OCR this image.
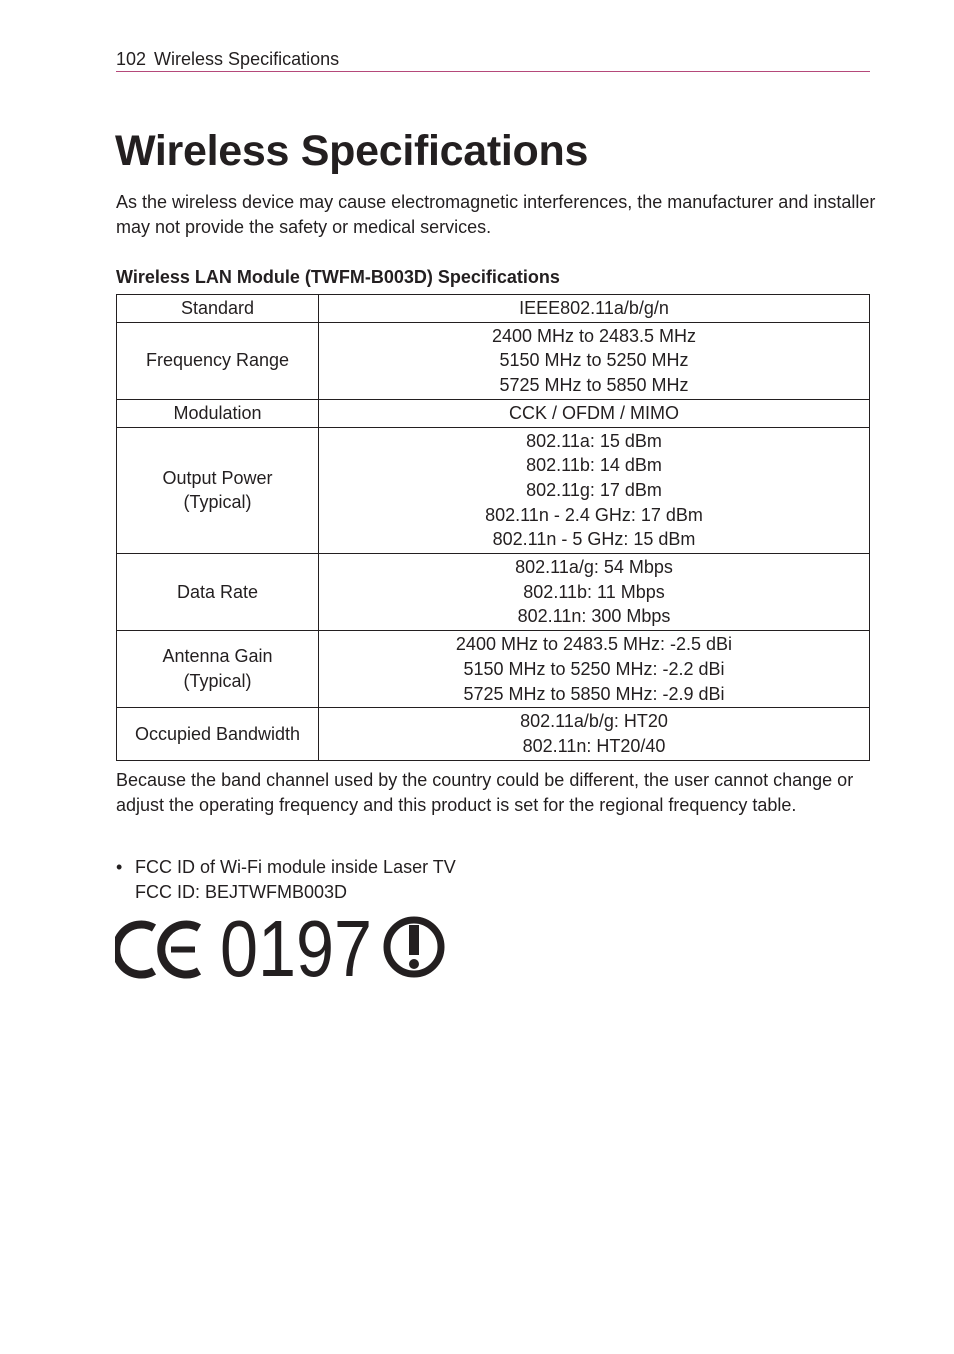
102 Wireless Specifications
Wireless Specifications

As the wireless device may cause electromagnetic interferences, the manufacturer and installer may not provide the safety or medical services.

Wireless LAN Module (TWFM-B003D) Specifications

Standard	IEEE802.11a/b/g/n

Frequency Range	2400 MHz to 2483.5 MHz
5150 MHz to 5250 MHz
5725 MHz to 5850 MHz

Modulation	CCK / OFDM / MIMO

Output Power
(Typical)	802.11a: 15 dBm
802.11b: 14 dBm
802.11g: 17 dBm
802.11n - 2.4 GHz: 17 dBm
802.11n - 5 GHz: 15 dBm

Data Rate	802.11a/g: 54 Mbps
802.11b: 11 Mbps
802.11n: 300 Mbps

Antenna Gain
(Typical)	2400 MHz to 2483.5 MHz: -2.5 dBi
5150 MHz to 5250 MHz: -2.2 dBi
5725 MHz to 5850 MHz: -2.9 dBi

Occupied Bandwidth	802.11a/b/g: HT20
802.11n: HT20/40

Because the band channel used by the country could be different, the user cannot change or adjust the operating frequency and this product is set for the regional frequency table.

• FCC ID of Wi-Fi module inside Laser TV
FCC ID: BEJTWFMB003D
0197
